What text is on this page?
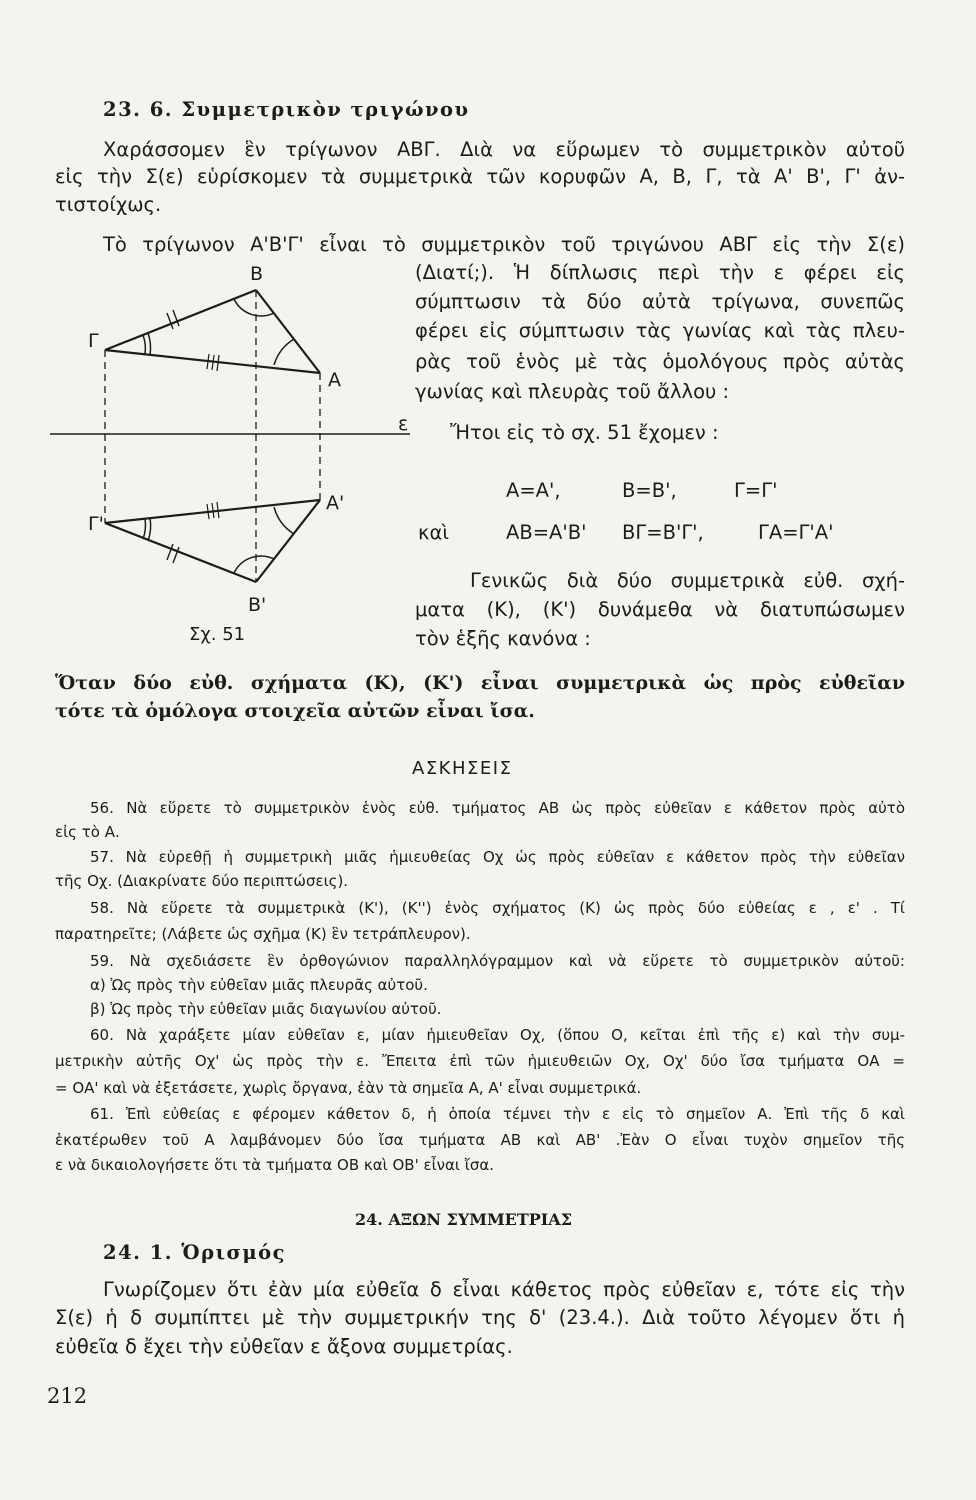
23. 6. Συμμετρικὸν τριγώνου
Χαράσσομεν ἓν τρίγωνον ΑΒΓ. Διὰ να εὕρωμεν τὸ συμμετρικὸν αὐτοῦ
εἰς τὴν Σ(ε) εὑρίσκομεν τὰ συμμετρικὰ τῶν κορυφῶν Α, Β, Γ, τὰ Α' Β', Γ' ἀν-
τιστοίχως.
Τὸ τρίγωνον Α'Β'Γ' εἶναι τὸ συμμετρικὸν τοῦ τριγώνου ΑΒΓ εἰς τὴν Σ(ε)
(Διατί;). Ἡ δίπλωσις περὶ τὴν ε φέρει εἰς
σύμπτωσιν τὰ δύο αὐτὰ τρίγωνα, συνεπῶς
φέρει εἰς σύμπτωσιν τὰς γωνίας καὶ τὰς πλευ-
ρὰς τοῦ ἑνὸς μὲ τὰς ὁμολόγους πρὸς αὐτὰς
γωνίας καὶ πλευρὰς τοῦ ἄλλου :
Ἤτοι εἰς τὸ σχ. 51 ἔχομεν :
Α=Α',	Β=Β',	Γ=Γ'
καὶ	ΑΒ=Α'Β' ΒΓ=Β'Γ',	ΓΑ=Γ'Α'
Γενικῶς διὰ δύο συμμετρικὰ εὐθ. σχή-
ματα (Κ), (Κ') δυνάμεθα νὰ διατυπώσωμεν
τὸν ἑξῆς κανόνα :
Β
Γ
Α
ε
Α'
Γ'
Β'
Σχ. 51
Ὅταν δύο εὐθ. σχήματα (Κ), (Κ') εἶναι συμμετρικὰ ὡς πρὸς εὐθεῖαν
τότε τὰ ὁμόλογα στοιχεῖα αὐτῶν εἶναι ἴσα.
ΑΣΚΗΣΕΙΣ
56. Νὰ εὕρετε τὸ συμμετρικὸν ἑνὸς εὐθ. τμήματος ΑΒ ὡς πρὸς εὐθεῖαν ε κάθετον πρὸς αὐτὸ
εἰς τὸ Α.
57. Νὰ εὑρεθῇ ἡ συμμετρικὴ μιᾶς ἡμιευθείας Οχ ὡς πρὸς εὐθεῖαν ε κάθετον πρὸς τὴν εὐθεῖαν
τῆς Οχ. (Διακρίνατε δύο περιπτώσεις).
58. Νὰ εὕρετε τὰ συμμετρικὰ (Κ'), (Κ'') ἑνὸς σχήματος (Κ) ὡς πρὸς δύο εὐθείας ε , ε' . Τί
παρατηρεῖτε; (Λάβετε ὡς σχῆμα (Κ) ἓν τετράπλευρον).
59. Νὰ σχεδιάσετε ἓν ὀρθογώνιον παραλληλόγραμμον καὶ νὰ εὕρετε τὸ συμμετρικὸν αὐτοῦ:
α) Ὡς πρὸς τὴν εὐθεῖαν μιᾶς πλευρᾶς αὐτοῦ.
β) Ὡς πρὸς τὴν εὐθεῖαν μιᾶς διαγωνίου αὐτοῦ.
60. Νὰ χαράξετε μίαν εὐθεῖαν ε, μίαν ἡμιευθεῖαν Οχ, (ὅπου Ο, κεῖται ἐπὶ τῆς ε) καὶ τὴν συμ-
μετρικὴν αὐτῆς Οχ' ὡς πρὸς τὴν ε. Ἔπειτα ἐπὶ τῶν ἡμιευθειῶν Οχ, Οχ' δύο ἴσα τμήματα ΟΑ =
= ΟΑ' καὶ νὰ ἐξετάσετε, χωρὶς ὄργανα, ἐὰν τὰ σημεῖα Α, Α' εἶναι συμμετρικά.
61. Ἐπὶ εὐθείας ε φέρομεν κάθετον δ, ἡ ὁποία τέμνει τὴν ε εἰς τὸ σημεῖον Α. Ἐπὶ τῆς δ καὶ
ἑκατέρωθεν τοῦ Α λαμβάνομεν δύο ἴσα τμήματα ΑΒ καὶ ΑΒ' .Ἐὰν Ο εἶναι τυχὸν σημεῖον τῆς
ε νὰ δικαιολογήσετε ὅτι τὰ τμήματα ΟΒ καὶ ΟΒ' εἶναι ἴσα.
24. ΑΞΩΝ ΣΥΜΜΕΤΡΙΑΣ
24. 1. Ὁρισμός
Γνωρίζομεν ὅτι ἐὰν μία εὐθεῖα δ εἶναι κάθετος πρὸς εὐθεῖαν ε, τότε εἰς τὴν
Σ(ε) ἡ δ συμπίπτει μὲ τὴν συμμετρικήν της δ' (23.4.). Διὰ τοῦτο λέγομεν ὅτι ἡ
εὐθεῖα δ ἔχει τὴν εὐθεῖαν ε ἄξονα συμμετρίας.
212
